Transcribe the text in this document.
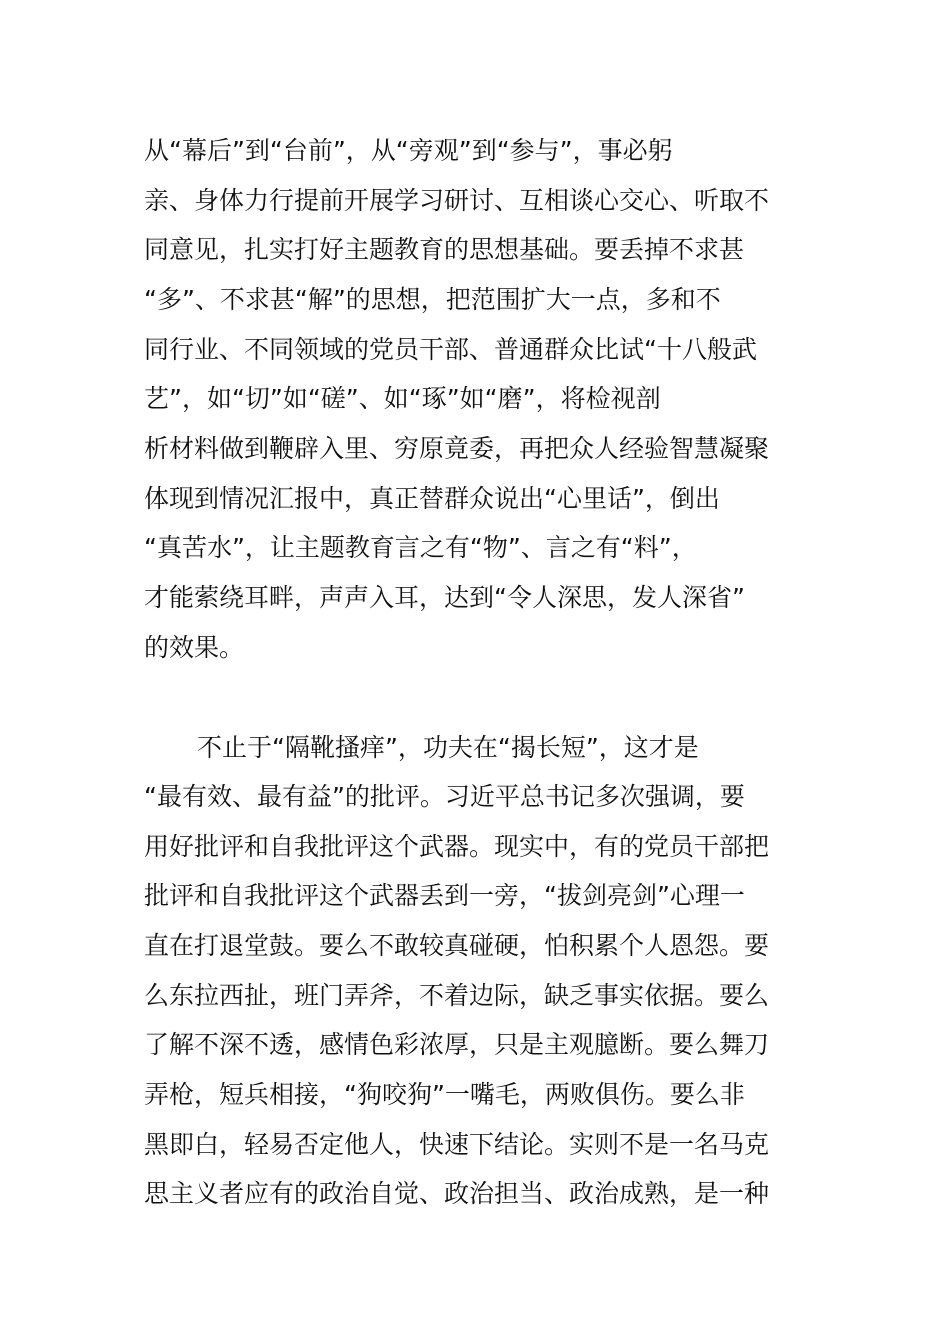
从“幕后”到“台前”，从“旁观”到“参与”，事必躬
亲、身体力行提前开展学习研讨、互相谈心交心、听取不
同意见，扎实打好主题教育的思想基础。要丢掉不求甚
“多”、不求甚“解”的思想，把范围扩大一点，多和不
同行业、不同领域的党员干部、普通群众比试“十八般武
艺”，如“切”如“磋”、如“琢”如“磨”，将检视剖
析材料做到鞭辟入里、穷原竟委，再把众人经验智慧凝聚
体现到情况汇报中，真正替群众说出“心里话”，倒出
“真苦水”，让主题教育言之有“物”、言之有“料”，
才能萦绕耳畔，声声入耳，达到“令人深思，发人深省”
的效果。
不止于“隔靴搔痒”，功夫在“揭长短”，这才是
“最有效、最有益”的批评。习近平总书记多次强调，要
用好批评和自我批评这个武器。现实中，有的党员干部把
批评和自我批评这个武器丢到一旁，“拔剑亮剑”心理一
直在打退堂鼓。要么不敢较真碰硬，怕积累个人恩怨。要
么东拉西扯，班门弄斧，不着边际，缺乏事实依据。要么
了解不深不透，感情色彩浓厚，只是主观臆断。要么舞刀
弄枪，短兵相接，“狗咬狗”一嘴毛，两败俱伤。要么非
黑即白，轻易否定他人，快速下结论。实则不是一名马克
思主义者应有的政治自觉、政治担当、政治成熟，是一种
